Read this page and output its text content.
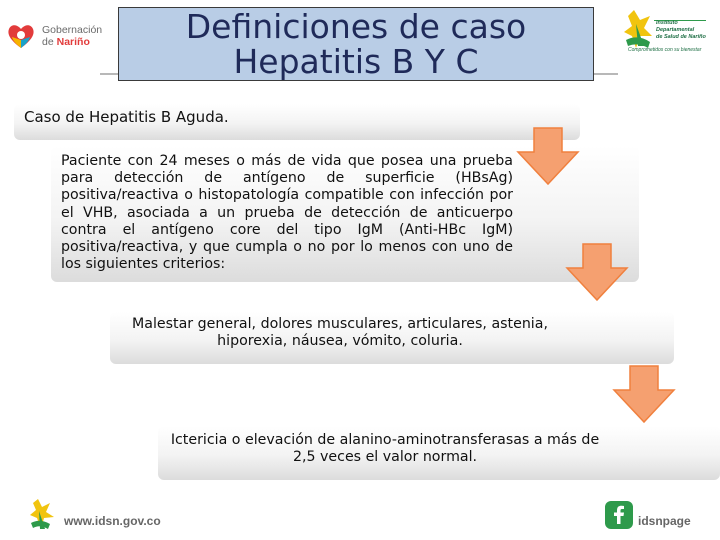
Gobernación
de Nariño	Definiciones de caso
Hepatitis B Y C
Instituto
Departamental
de Salud de Nariño
Comprometidos con su bienestar
Caso de Hepatitis B Aguda.
Paciente con 24 meses o más de vida que posea una prueba para detección de antígeno de superficie (HBsAg) positiva/reactiva o histopatología compatible con infección por el VHB, asociada a un prueba de detección de anticuerpo contra el antígeno core del tipo IgM (Anti-HBc IgM) positiva/reactiva, y que cumpla o no por lo menos con uno de los siguientes criterios:
Malestar general, dolores musculares, articulares, astenia, hiporexia, náusea, vómito, coluria.
Ictericia o elevación de alanino-aminotransferasas a más de 2,5 veces el valor normal.
www.idsn.gov.co	idsnpage
